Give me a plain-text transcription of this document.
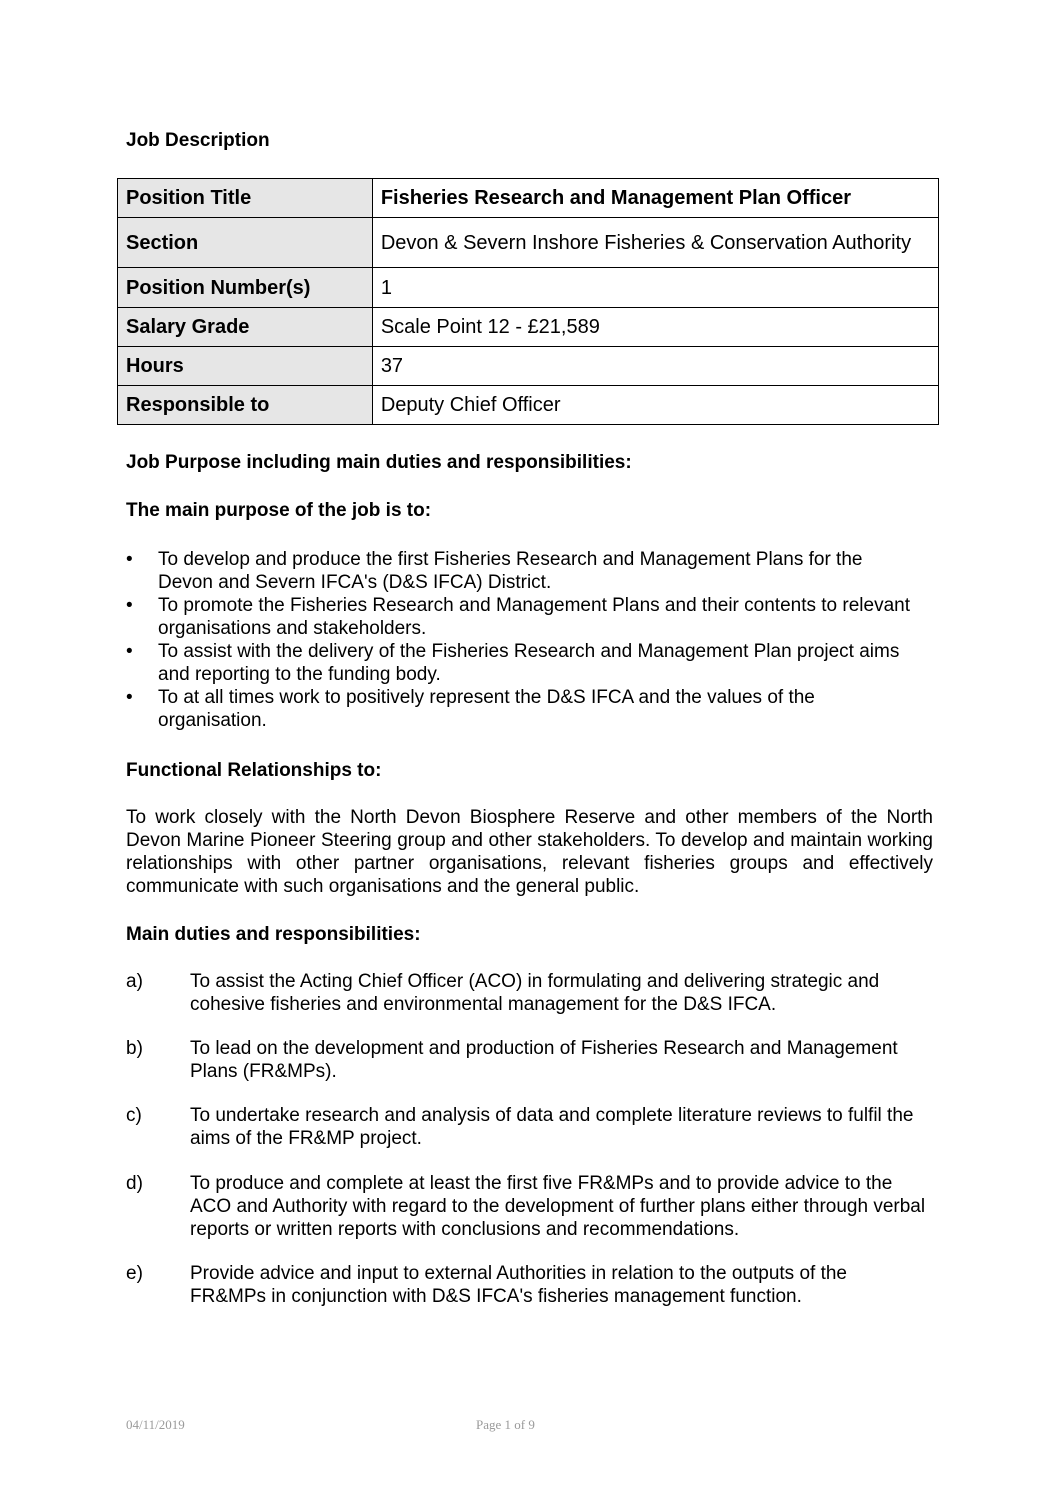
Job Description
Position Title	Fisheries Research and Management Plan Officer
Section	Devon & Severn Inshore Fisheries & Conservation Authority
Position Number(s)	1
Salary Grade	Scale Point 12 - £21,589
Hours	37
Responsible to	Deputy Chief Officer
Job Purpose including main duties and responsibilities:
The main purpose of the job is to:
•	To develop and produce the first Fisheries Research and Management Plans for the Devon and Severn IFCA's (D&S IFCA) District.
•	To promote the Fisheries Research and Management Plans and their contents to relevant organisations and stakeholders.
•	To assist with the delivery of the Fisheries Research and Management Plan project aims and reporting to the funding body.
•	To at all times work to positively represent the D&S IFCA and the values of the organisation.
Functional Relationships to:

To work closely with the North Devon Biosphere Reserve and other members of the North Devon Marine Pioneer Steering group and other stakeholders. To develop and maintain working relationships with other partner organisations, relevant fisheries groups and effectively communicate with such organisations and the general public.

Main duties and responsibilities:
a) To assist the Acting Chief Officer (ACO) in formulating and delivering strategic and cohesive fisheries and environmental management for the D&S IFCA.
b) To lead on the development and production of Fisheries Research and Management Plans (FR&MPs).
c)	To undertake research and analysis of data and complete literature reviews to fulfil the aims of the FR&MP project.
d) To produce and complete at least the first five FR&MPs and to provide advice to the ACO and Authority with regard to the development of further plans either through verbal reports or written reports with conclusions and recommendations.
e) Provide advice and input to external Authorities in relation to the outputs of the FR&MPs in conjunction with D&S IFCA's fisheries management function.
04/11/2019	Page 1 of 9
